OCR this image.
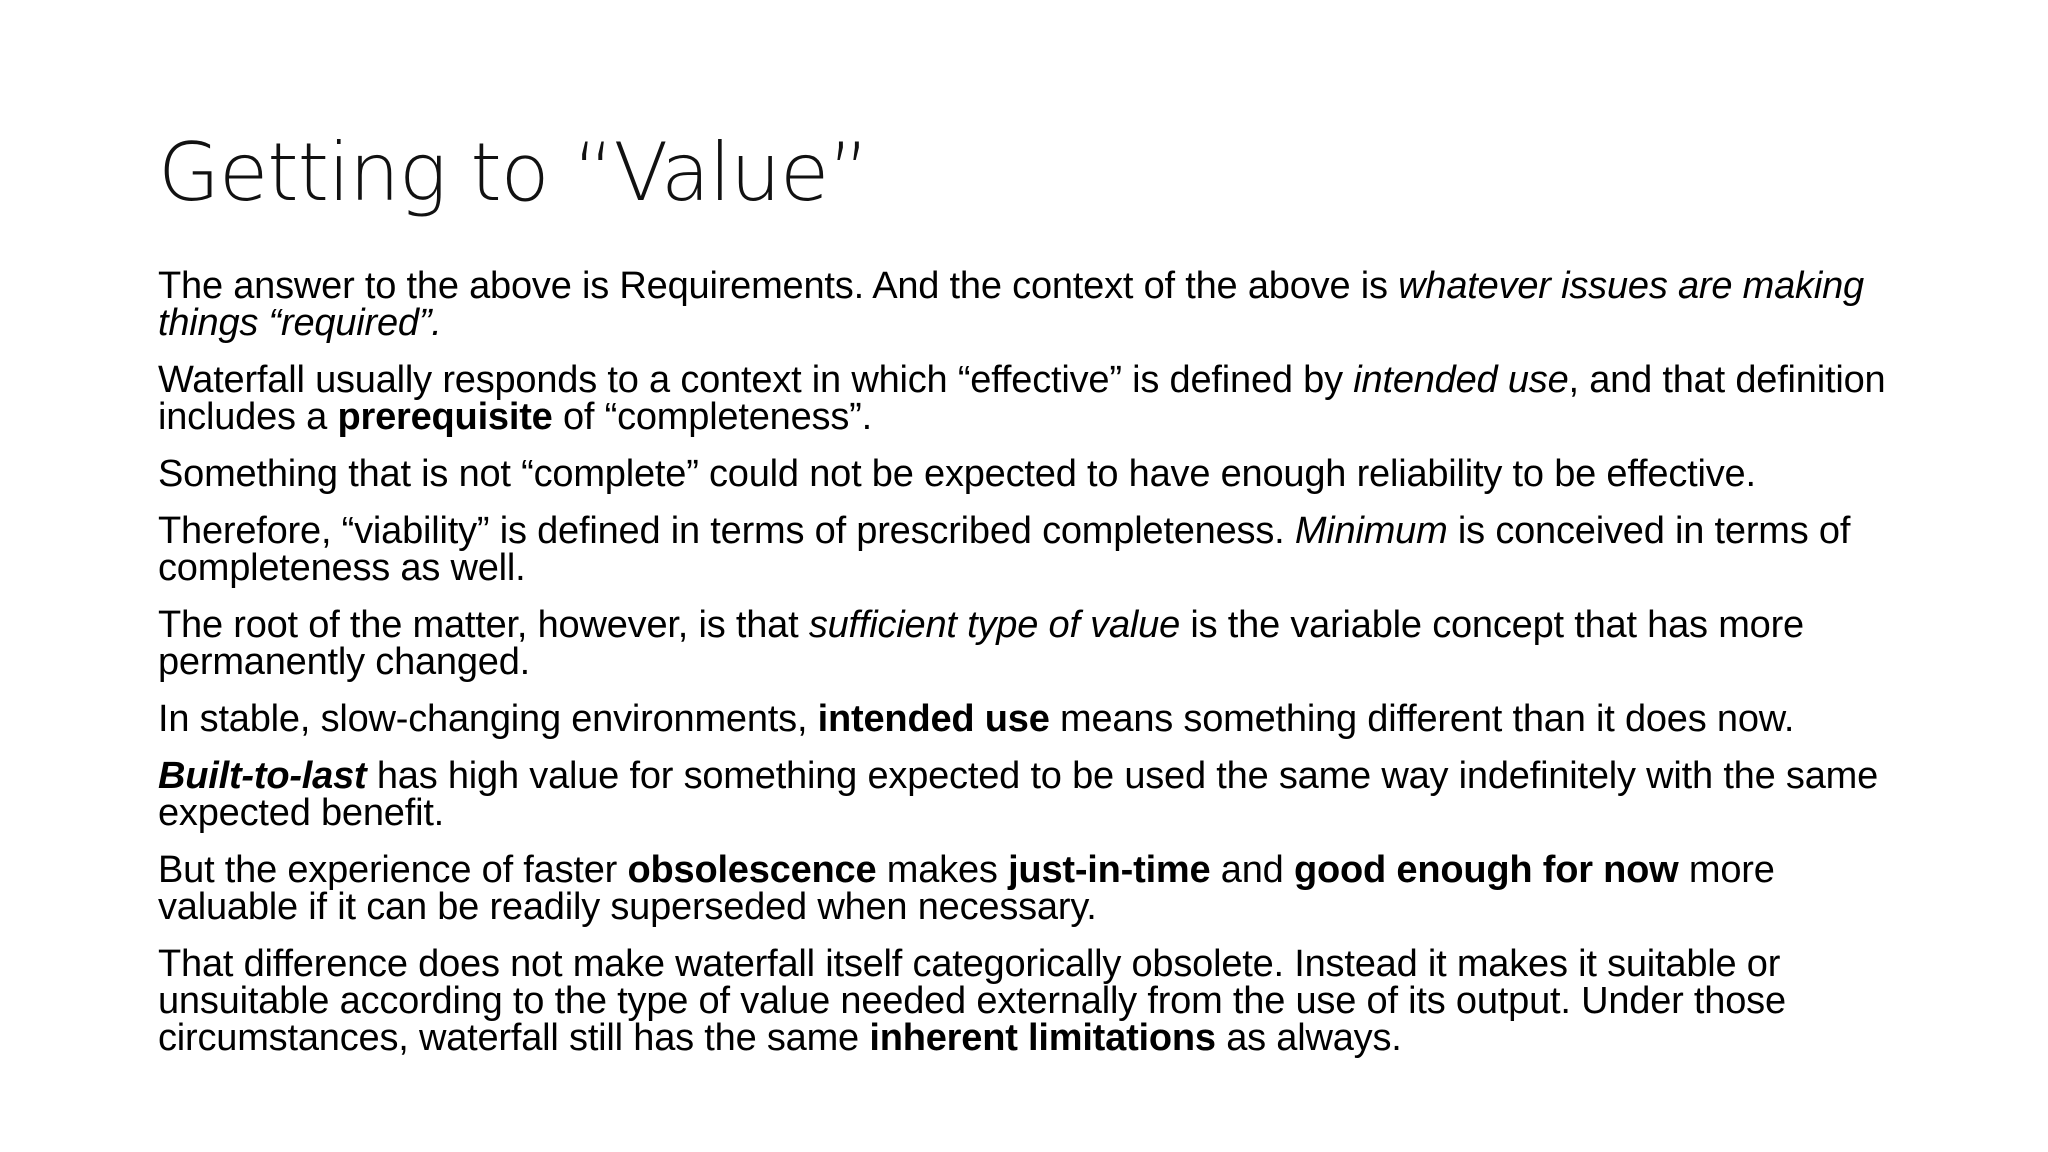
Getting to “Value”

The answer to the above is Requirements. And the context of the above is whatever issues are making things “required”.

Waterfall usually responds to a context in which “effective” is defined by intended use, and that definition includes a prerequisite of “completeness”.

Something that is not “complete” could not be expected to have enough reliability to be effective.

Therefore, “viability” is defined in terms of prescribed completeness. Minimum is conceived in terms of completeness as well.

The root of the matter, however, is that sufficient type of value is the variable concept that has more permanently changed.

In stable, slow-changing environments, intended use means something different than it does now.

Built-to-last has high value for something expected to be used the same way indefinitely with the same expected benefit.

But the experience of faster obsolescence makes just-in-time and good enough for now more valuable if it can be readily superseded when necessary.

That difference does not make waterfall itself categorically obsolete. Instead it makes it suitable or unsuitable according to the type of value needed externally from the use of its output. Under those circumstances, waterfall still has the same inherent limitations as always.
